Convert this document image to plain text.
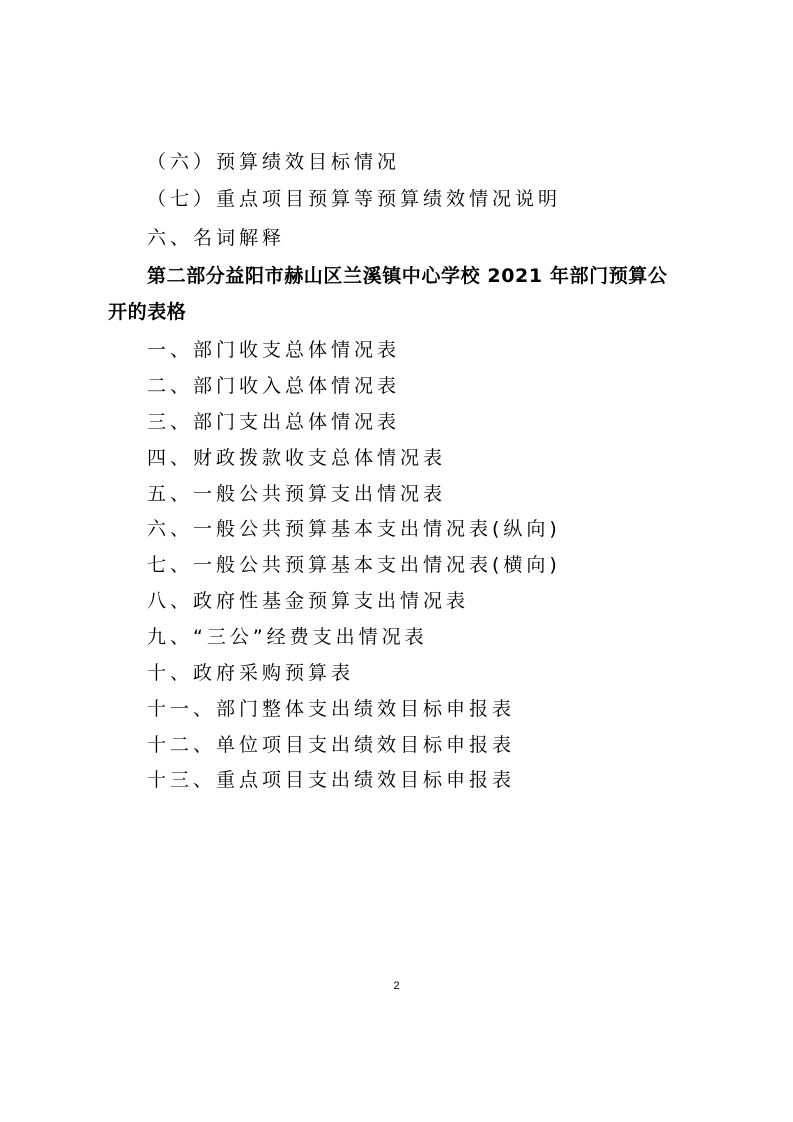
（六）预算绩效目标情况
（七）重点项目预算等预算绩效情况说明
六、名词解释
第二部分益阳市赫山区兰溪镇中心学校 2021 年部门预算公
开的表格
一、部门收支总体情况表
二、部门收入总体情况表
三、部门支出总体情况表
四、财政拨款收支总体情况表
五、一般公共预算支出情况表
六、一般公共预算基本支出情况表(纵向)
七、一般公共预算基本支出情况表(横向)
八、政府性基金预算支出情况表
九、“三公”经费支出情况表
十、政府采购预算表
十一、部门整体支出绩效目标申报表
十二、单位项目支出绩效目标申报表
十三、重点项目支出绩效目标申报表
2
